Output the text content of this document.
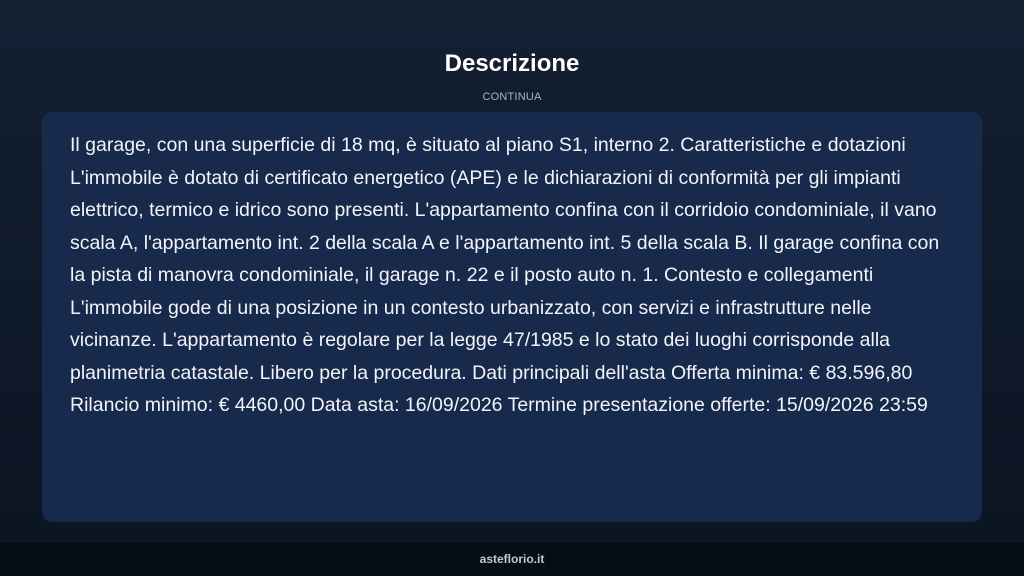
Descrizione
CONTINUA

Il garage, con una superficie di 18 mq, è situato al piano S1, interno 2. Caratteristiche e dotazioni L'immobile è dotato di certificato energetico (APE) e le dichiarazioni di conformità per gli impianti elettrico, termico e idrico sono presenti. L'appartamento confina con il corridoio condominiale, il vano scala A, l'appartamento int. 2 della scala A e l'appartamento int. 5 della scala B. Il garage confina con la pista di manovra condominiale, il garage n. 22 e il posto auto n. 1. Contesto e collegamenti L'immobile gode di una posizione in un contesto urbanizzato, con servizi e infrastrutture nelle vicinanze. L'appartamento è regolare per la legge 47/1985 e lo stato dei luoghi corrisponde alla planimetria catastale. Libero per la procedura. Dati principali dell'asta Offerta minima: € 83.596,80 Rilancio minimo: € 4460,00 Data asta: 16/09/2026 Termine presentazione offerte: 15/09/2026 23:59

asteflorio.it
